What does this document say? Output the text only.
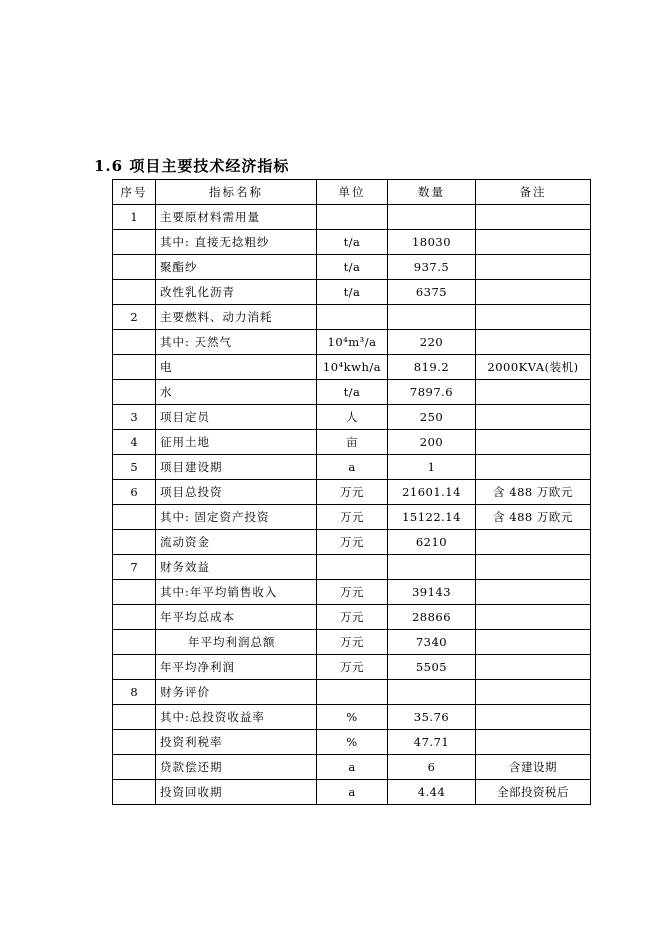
1.6 项目主要技术经济指标
序号	指标名称	单位	数量	备注
1	主要原材料需用量			
	其中: 直接无捻粗纱	t/a	18030	
	聚酯纱	t/a	937.5	
	改性乳化沥青	t/a	6375	
2	主要燃料、动力消耗			
	其中: 天然气	10⁴m³/a	220	
	电	10⁴kwh/a	819.2	2000KVA(装机)
	水	t/a	7897.6	
3	项目定员	人	250	
4	征用土地	亩	200	
5	项目建设期	a	1	
6	项目总投资	万元	21601.14	含 488 万欧元
	其中: 固定资产投资	万元	15122.14	含 488 万欧元
	流动资金	万元	6210	
7	财务效益			
	其中:年平均销售收入	万元	39143	
	年平均总成本	万元	28866	
	年平均利润总额	万元	7340	
	年平均净利润	万元	5505	
8	财务评价			
	其中:总投资收益率	%	35.76	
	投资利税率	%	47.71	
	贷款偿还期	a	6	含建设期
	投资回收期	a	4.44	全部投资税后
